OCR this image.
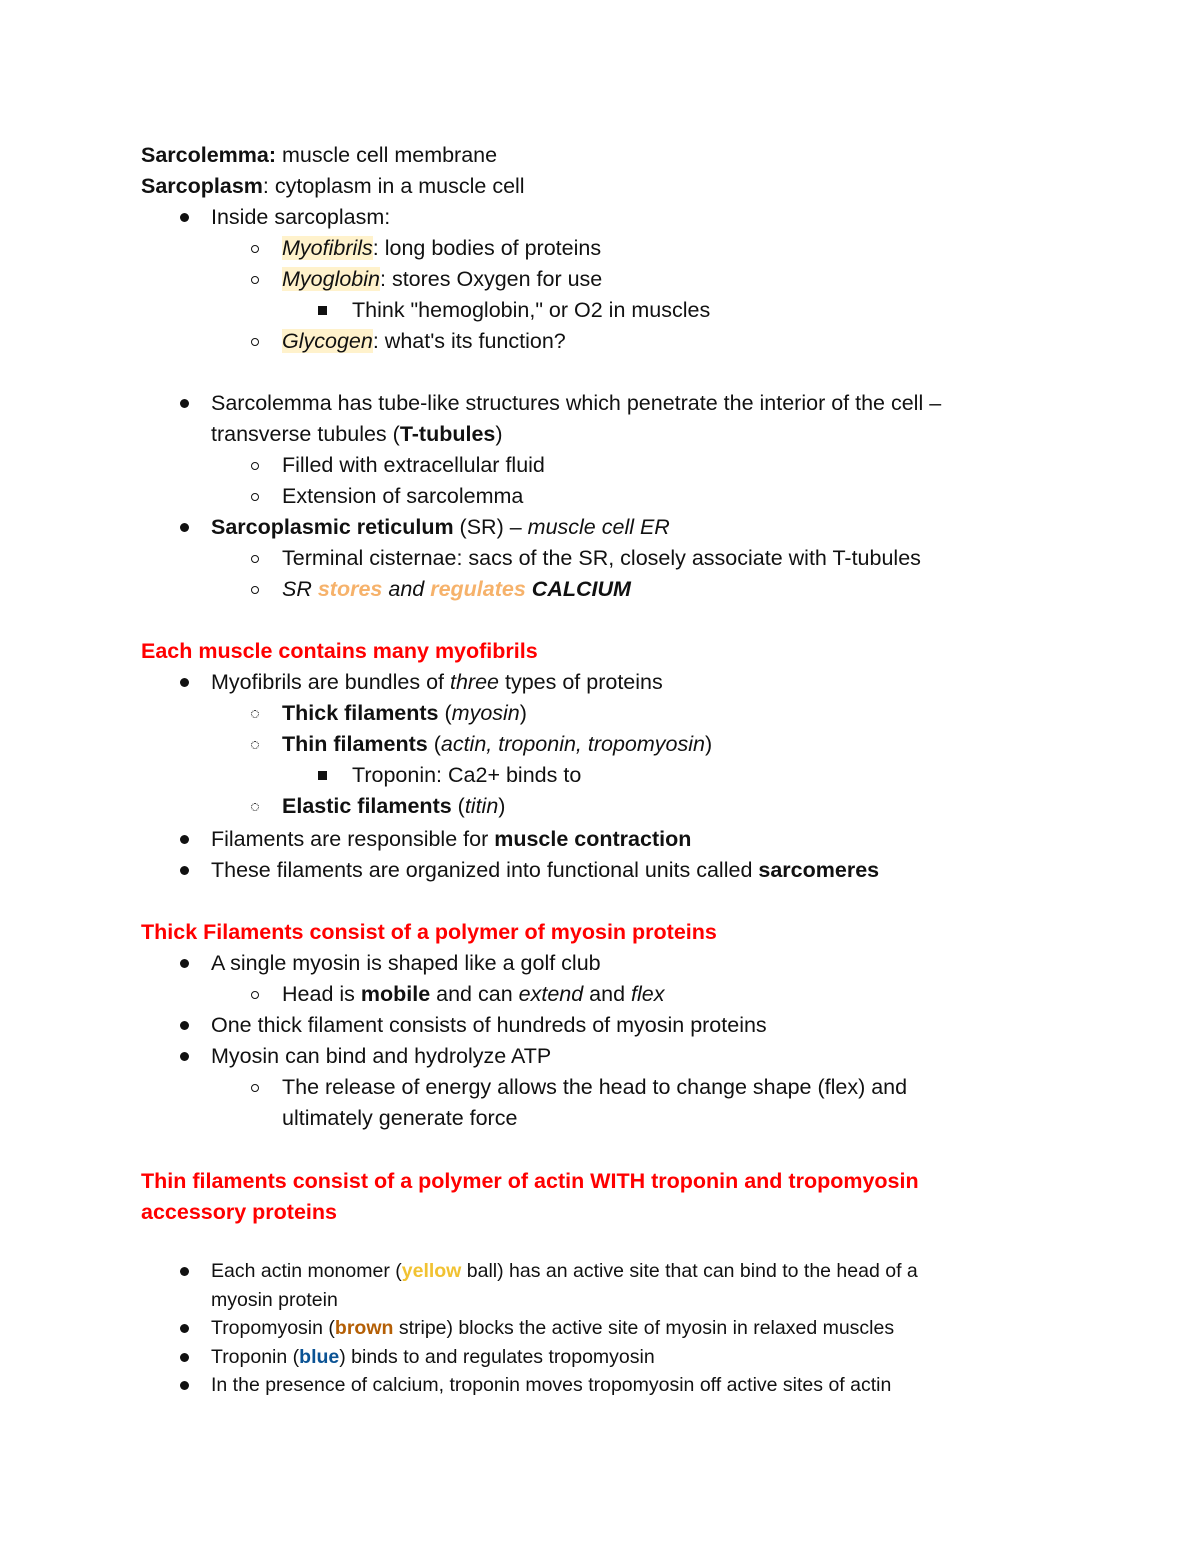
Sarcolemma: muscle cell membrane
Sarcoplasm: cytoplasm in a muscle cell
Inside sarcoplasm:
Myofibrils: long bodies of proteins
Myoglobin: stores Oxygen for use
Think "hemoglobin," or O2 in muscles
Glycogen: what's its function?
Sarcolemma has tube-like structures which penetrate the interior of the cell –
transverse tubules (T-tubules)
Filled with extracellular fluid
Extension of sarcolemma
Sarcoplasmic reticulum (SR) – muscle cell ER
Terminal cisternae: sacs of the SR, closely associate with T-tubules
SR stores and regulates CALCIUM
Each muscle contains many myofibrils
Myofibrils are bundles of three types of proteins
Thick filaments (myosin)
Thin filaments (actin, troponin, tropomyosin)
Troponin: Ca2+ binds to
Elastic filaments (titin)
Filaments are responsible for muscle contraction
These filaments are organized into functional units called sarcomeres
Thick Filaments consist of a polymer of myosin proteins
A single myosin is shaped like a golf club
Head is mobile and can extend and flex
One thick filament consists of hundreds of myosin proteins
Myosin can bind and hydrolyze ATP
The release of energy allows the head to change shape (flex) and
ultimately generate force
Thin filaments consist of a polymer of actin WITH troponin and tropomyosin
accessory proteins
Each actin monomer (yellow ball) has an active site that can bind to the head of a
myosin protein
Tropomyosin (brown stripe) blocks the active site of myosin in relaxed muscles
Troponin (blue) binds to and regulates tropomyosin
In the presence of calcium, troponin moves tropomyosin off active sites of actin
